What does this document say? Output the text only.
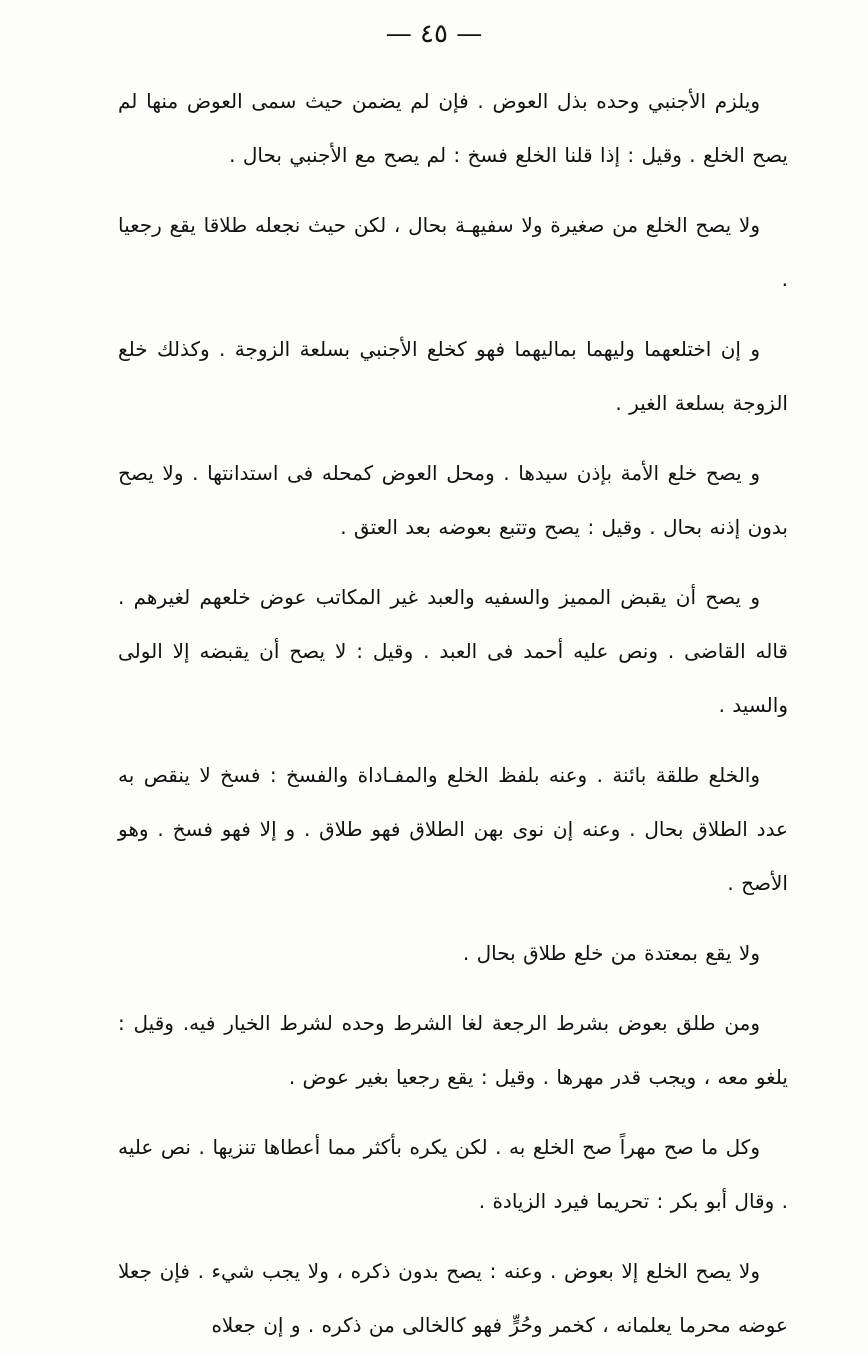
— ٤٥ —

ويلزم الأجنبي وحده بذل العوض . فإن لم يضمن حيث سمى العوض منها لم يصح الخلع . وقيل : إذا قلنا الخلع فسخ : لم يصح مع الأجنبي بحال .

ولا يصح الخلع من صغيرة ولا سفيهـة بحال ، لكن حيث نجعله طلاقا يقع رجعيا .

و إن اختلعهما وليهما بماليهما فهو كخلع الأجنبي بسلعة الزوجة . وكذلك خلع الزوجة بسلعة الغير .

و يصح خلع الأمة بإذن سيدها . ومحل العوض كمحله فى استدانتها . ولا يصح بدون إذنه بحال . وقيل : يصح وتتبع بعوضه بعد العتق .

و يصح أن يقبض المميز والسفيه والعبد غير المكاتب عوض خلعهم لغيرهم . قاله القاضى . ونص عليه أحمد فى العبد . وقيل : لا يصح أن يقبضه إلا الولى والسيد .

والخلع طلقة بائنة . وعنه بلفظ الخلع والمفـاداة والفسخ : فسخ لا ينقص به عدد الطلاق بحال . وعنه إن نوى بهن الطلاق فهو طلاق . و إلا فهو فسخ . وهو الأصح .

ولا يقع بمعتدة من خلع طلاق بحال .

ومن طلق بعوض بشرط الرجعة لغا الشرط وحده لشرط الخيار فيه. وقيل : يلغو معه ، ويجب قدر مهرها . وقيل : يقع رجعيا بغير عوض .

وكل ما صح مهراً صح الخلع به . لكن يكره بأكثر مما أعطاها تنزيها . نص عليه . وقال أبو بكر : تحريما فيرد الزيادة .

ولا يصح الخلع إلا بعوض . وعنه : يصح بدون ذكره ، ولا يجب شيء . فإن جعلا عوضه محرما يعلمانه ، كخمر وحُرٍّ فهو كالخالى من ذكره . و إن جعلاه
